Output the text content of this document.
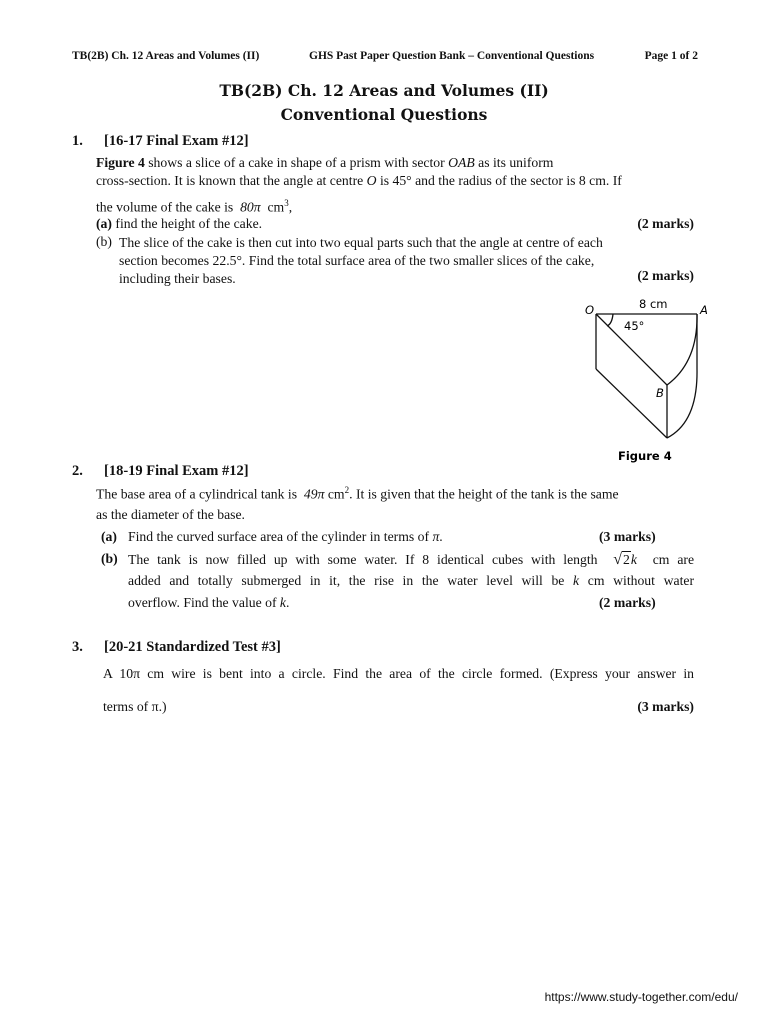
TB(2B) Ch. 12 Areas and Volumes (II)	GHS Past Paper Question Bank – Conventional Questions	Page 1 of 2
TB(2B) Ch. 12 Areas and Volumes (II)
Conventional Questions
1. [16-17 Final Exam #12]
Figure 4 shows a slice of a cake in shape of a prism with sector OAB as its uniform
cross-section. It is known that the angle at centre O is 45° and the radius of the sector is 8 cm. If
the volume of the cake is 80π $cm^3$,
(a) find the height of the cake.	(2 marks)
(b) The slice of the cake is then cut into two equal parts such that the angle at centre of each
section becomes 22.5°. Find the total surface area of the two smaller slices of the cake,
including their bases.	(2 marks)
O	A
B
8 cm
45°
Figure 4
2. [18-19 Final Exam #12]
The base area of a cylindrical tank is 49π $cm^2$. It is given that the height of the tank is the same
as the diameter of the base.
(a) Find the curved surface area of the cylinder in terms of π.	(3 marks)
(b) The tank is now filled up with some water. If 8 identical cubes with length √2k cm are
added and totally submerged in it, the rise in the water level will be k cm without water
overflow. Find the value of k.	(2 marks)
3. [20-21 Standardized Test #3]
A 10π cm wire is bent into a circle. Find the area of the circle formed. (Express your answer in
terms of π.)	(3 marks)
https://www.study-together.com/edu/
